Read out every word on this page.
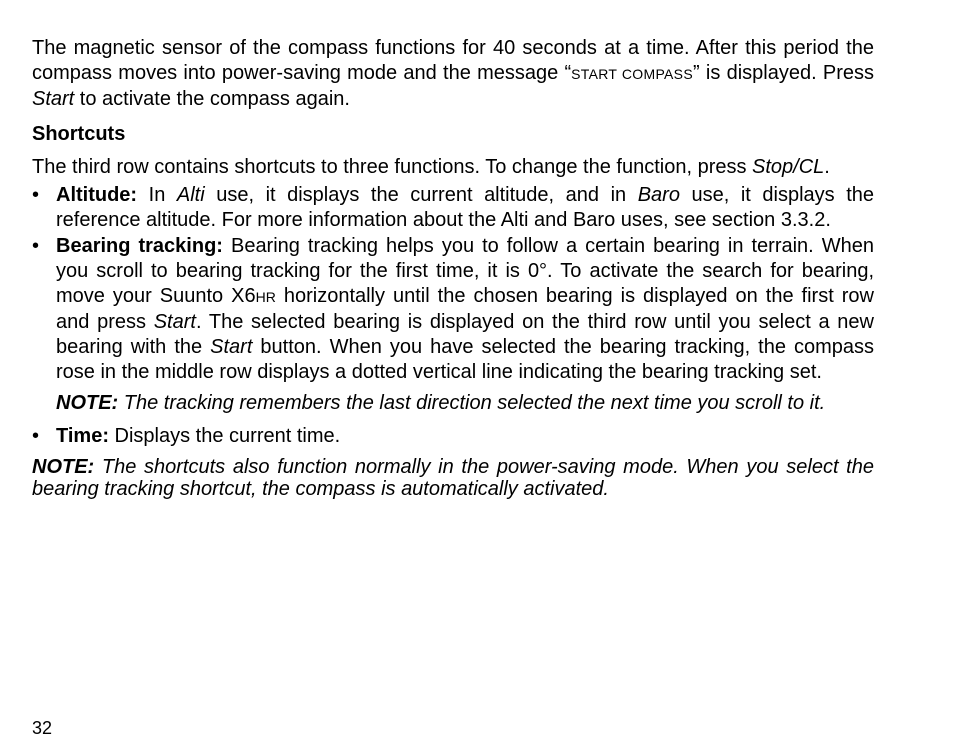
The magnetic sensor of the compass functions for 40 seconds at a time. After this period the compass moves into power-saving mode and the message “START COMPASS” is displayed. Press Start to activate the compass again.

Shortcuts

The third row contains shortcuts to three functions. To change the function, press Stop/CL.

• Altitude: In Alti use, it displays the current altitude, and in Baro use, it displays the reference altitude. For more information about the Alti and Baro uses, see section 3.3.2.
• Bearing tracking: Bearing tracking helps you to follow a certain bearing in terrain. When you scroll to bearing tracking for the first time, it is 0°. To activate the search for bearing, move your Suunto X6HR horizontally until the chosen bearing is displayed on the first row and press Start. The selected bearing is displayed on the third row until you select a new bearing with the Start button. When you have selected the bearing tracking, the compass rose in the middle row displays a dotted vertical line indicating the bearing tracking set.

NOTE: The tracking remembers the last direction selected the next time you scroll to it.

• Time: Displays the current time.

NOTE: The shortcuts also function normally in the power-saving mode. When you select the bearing tracking shortcut, the compass is automatically activated.

32
